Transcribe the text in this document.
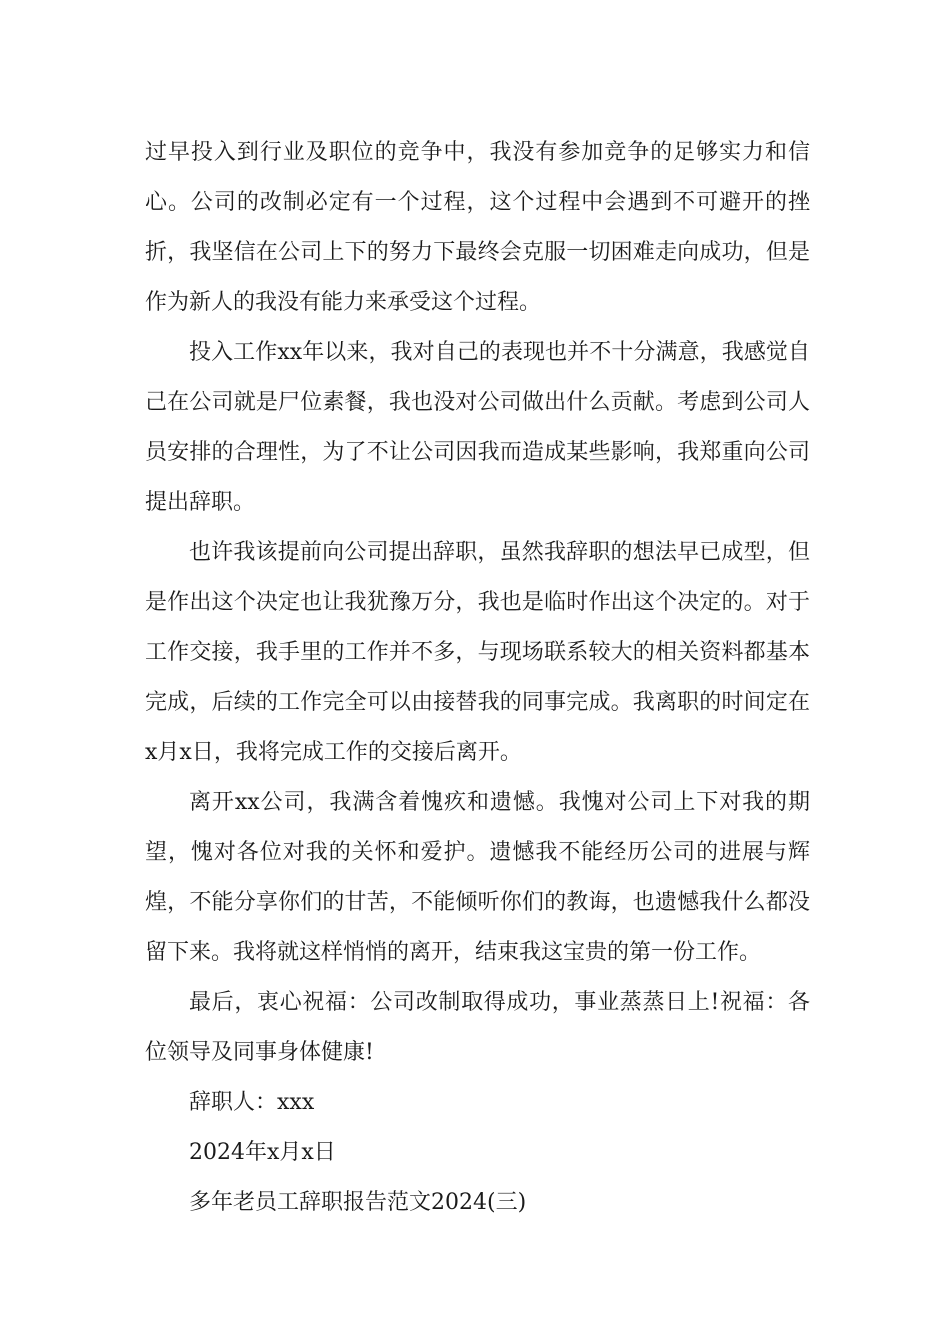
过早投入到行业及职位的竞争中，我没有参加竞争的足够实力和信心。公司的改制必定有一个过程，这个过程中会遇到不可避开的挫折，我坚信在公司上下的努力下最终会克服一切困难走向成功，但是作为新人的我没有能力来承受这个过程。

投入工作xx年以来，我对自己的表现也并不十分满意，我感觉自己在公司就是尸位素餐，我也没对公司做出什么贡献。考虑到公司人员安排的合理性，为了不让公司因我而造成某些影响，我郑重向公司提出辞职。

也许我该提前向公司提出辞职，虽然我辞职的想法早已成型，但是作出这个决定也让我犹豫万分，我也是临时作出这个决定的。对于工作交接，我手里的工作并不多，与现场联系较大的相关资料都基本完成，后续的工作完全可以由接替我的同事完成。我离职的时间定在x月x日，我将完成工作的交接后离开。

离开xx公司，我满含着愧疚和遗憾。我愧对公司上下对我的期望，愧对各位对我的关怀和爱护。遗憾我不能经历公司的进展与辉煌，不能分享你们的甘苦，不能倾听你们的教诲，也遗憾我什么都没留下来。我将就这样悄悄的离开，结束我这宝贵的第一份工作。

最后，衷心祝福：公司改制取得成功，事业蒸蒸日上!祝福：各位领导及同事身体健康!

辞职人：xxx

2024年x月x日

多年老员工辞职报告范文2024(三)
